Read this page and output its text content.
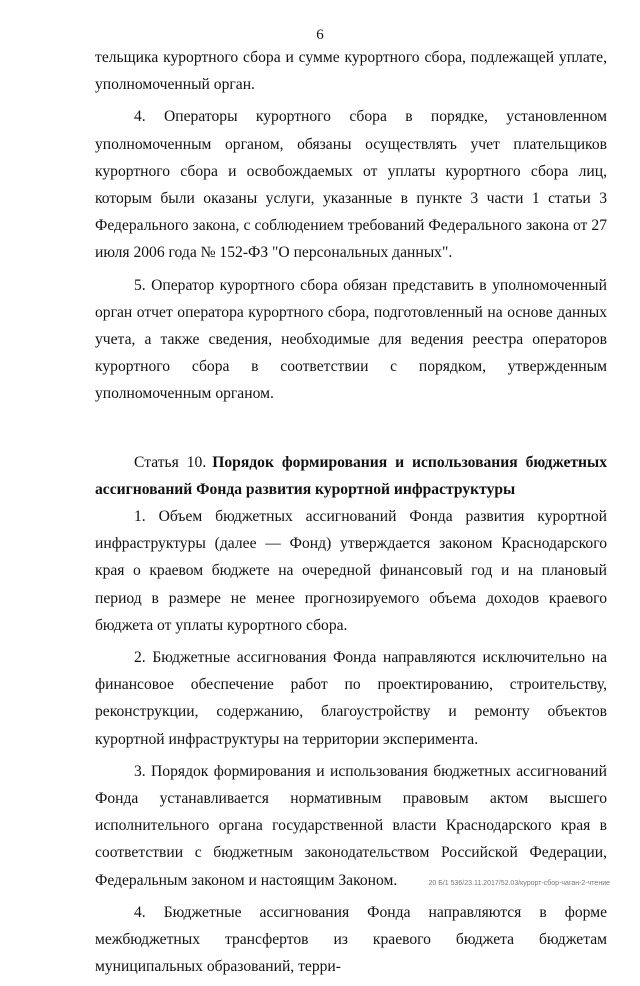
6

тельщика курортного сбора и сумме курортного сбора, подлежащей уплате, уполномоченный орган.

4. Операторы курортного сбора в порядке, установленном уполномоченным органом, обязаны осуществлять учет плательщиков курортного сбора и освобождаемых от уплаты курортного сбора лиц, которым были оказаны услуги, указанные в пункте 3 части 1 статьи 3 Федерального закона, с соблюдением требований Федерального закона от 27 июля 2006 года № 152-ФЗ "О персональных данных".

5. Оператор курортного сбора обязан представить в уполномоченный орган отчет оператора курортного сбора, подготовленный на основе данных учета, а также сведения, необходимые для ведения реестра операторов курортного сбора в соответствии с порядком, утвержденным уполномоченным органом.

Статья 10. Порядок формирования и использования бюджетных ассигнований Фонда развития курортной инфраструктуры

1. Объем бюджетных ассигнований Фонда развития курортной инфраструктуры (далее — Фонд) утверждается законом Краснодарского края о краевом бюджете на очередной финансовый год и на плановый период в размере не менее прогнозируемого объема доходов краевого бюджета от уплаты курортного сбора.

2. Бюджетные ассигнования Фонда направляются исключительно на финансовое обеспечение работ по проектированию, строительству, реконструкции, содержанию, благоустройству и ремонту объектов курортной инфраструктуры на территории эксперимента.

3. Порядок формирования и использования бюджетных ассигнований Фонда устанавливается нормативным правовым актом высшего исполнительного органа государственной власти Краснодарского края в соответствии с бюджетным законодательством Российской Федерации, Федеральным законом и настоящим Законом.

4. Бюджетные ассигнования Фонда направляются в форме межбюджетных трансфертов из краевого бюджета бюджетам муниципальных образований, терри-

20 Б/1 536/23.11.2017/52.03/курорт-сбор-чаган-2-чтение
